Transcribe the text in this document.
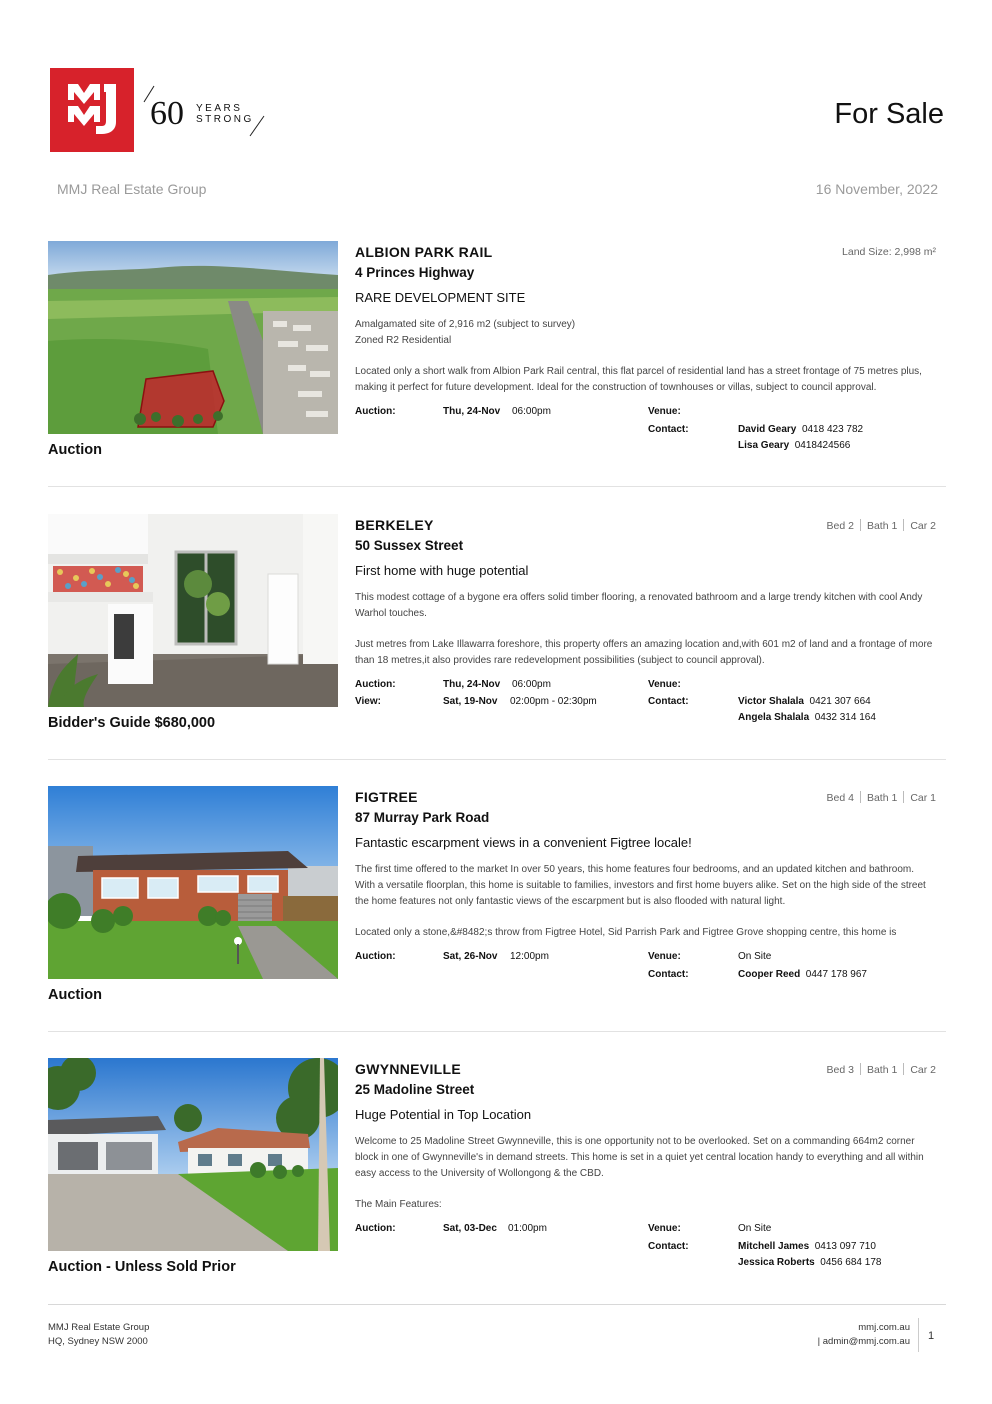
60 YEARS
STRONG	For Sale
MMJ Real Estate Group	16 November, 2022
Auction
ALBION PARK RAIL
4 Princes Highway
RARE DEVELOPMENT SITE
Land Size: 2,998 m²
Amalgamated site of 2,916 m2 (subject to survey)
Zoned R2 Residential
Located only a short walk from Albion Park Rail central, this flat parcel of residential land has a street frontage of 75 metres plus, making it perfect for future development. Ideal for the construction of townhouses or villas, subject to council approval.
Auction:	Thu, 24-Nov 06:00pm	Venue:
Contact:	David Geary 0418 423 782
Lisa Geary 0418424566
Bidder's Guide $680,000
BERKELEY
50 Sussex Street
First home with huge potential
Bed 2 Bath 1 Car 2

This modest cottage of a bygone era offers solid timber flooring, a renovated bathroom and a large trendy kitchen with cool Andy Warhol touches.

Just metres from Lake Illawarra foreshore, this property offers an amazing location and,with 601 m2 of land and a frontage of more than 18 metres,it also provides rare redevelopment possibilities (subject to council approval).

Auction:	Thu, 24-Nov 06:00pm
View:	Sat, 19-Nov 02:00pm - 02:30pm
Venue:
Contact:	Victor Shalala 0421 307 664
Angela Shalala 0432 314 164
Auction
FIGTREE
87 Murray Park Road
Fantastic escarpment views in a convenient Figtree locale!
Bed 4 Bath 1 Car 1

The first time offered to the market In over 50 years, this home features four bedrooms, and an updated kitchen and bathroom. With a versatile floorplan, this home is suitable to families, investors and first home buyers alike. Set on the high side of the street the home features not only fantastic views of the escarpment but is also flooded with natural light.

Located only a stone,&#8482;s throw from Figtree Hotel, Sid Parrish Park and Figtree Grove shopping centre, this home is

Auction:	Sat, 26-Nov 12:00pm	Venue:	On Site
Contact:	Cooper Reed 0447 178 967
Auction - Unless Sold Prior
GWYNNEVILLE
25 Madoline Street
Huge Potential in Top Location
Bed 3 Bath 1 Car 2

Welcome to 25 Madoline Street Gwynneville, this is one opportunity not to be overlooked. Set on a commanding 664m2 corner block in one of Gwynneville's in demand streets. This home is set in a quiet yet central location handy to everything and all within easy access to the University of Wollongong & the CBD.

The Main Features:

Auction:	Sat, 03-Dec 01:00pm	Venue:	On Site
Contact:	Mitchell James 0413 097 710
Jessica Roberts 0456 684 178
MMJ Real Estate Group
HQ, Sydney NSW 2000
mmj.com.au
| admin@mmj.com.au 1
